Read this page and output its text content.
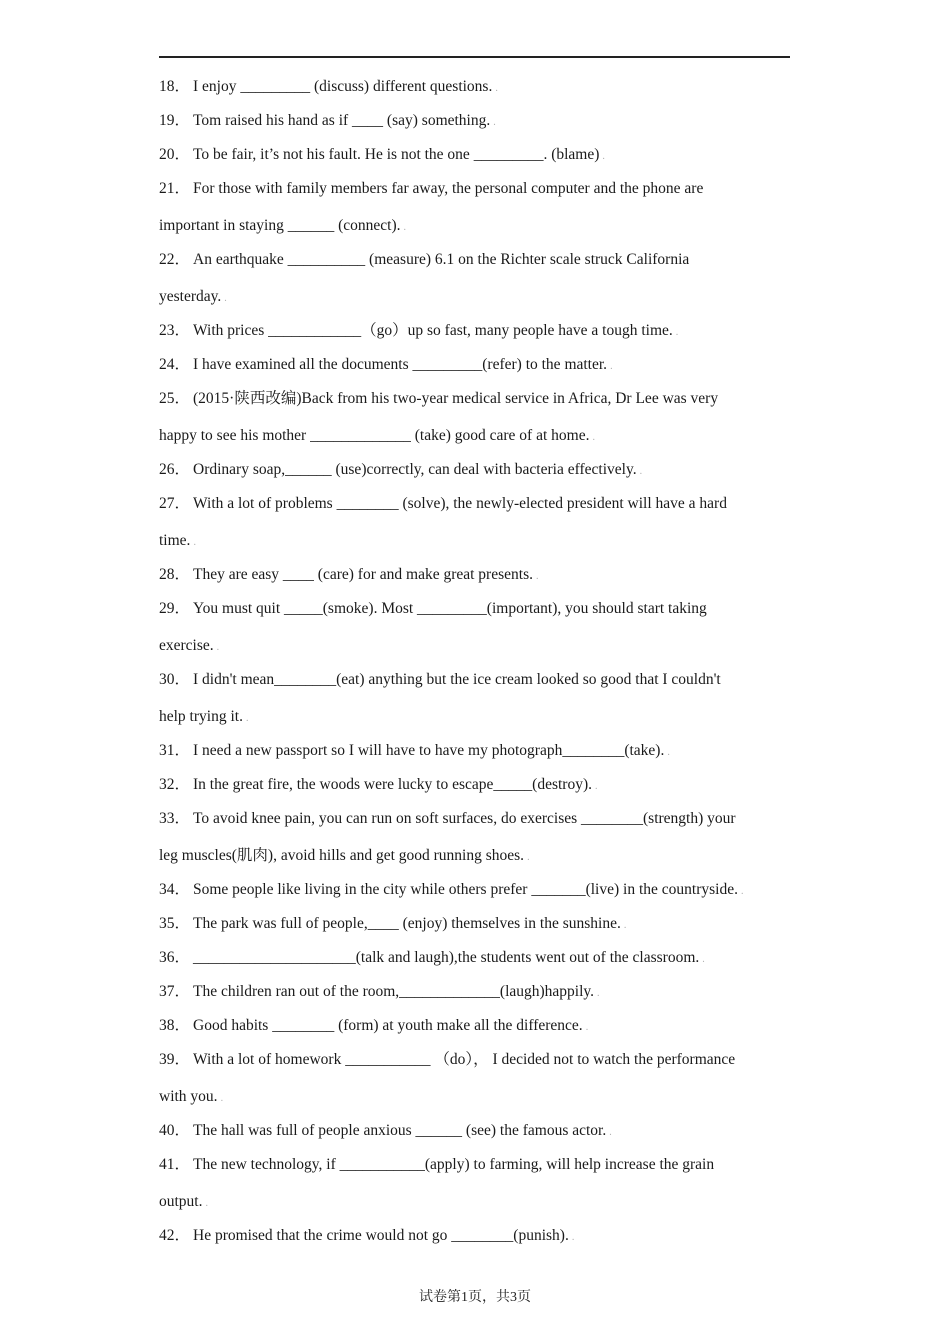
18． I enjoy _________ (discuss) different questions. .
19． Tom raised his hand as if ____ (say) something. .
20． To be fair, it’s not his fault. He is not the one _________. (blame) .
21． For those with family members far away, the personal computer and the phone are
important in staying ______ (connect). .
22． An earthquake __________ (measure) 6.1 on the Richter scale struck California
yesterday. .
23． With prices ____________（go）up so fast, many people have a tough time. .
24． I have examined all the documents _________(refer) to the matter. .
25． (2015·陕西改编)Back from his two-year medical service in Africa, Dr Lee was very
happy to see his mother _____________ (take) good care of at home. .
26． Ordinary soap,______ (use)correctly, can deal with bacteria effectively. .
27． With a lot of problems ________ (solve), the newly-elected president will have a hard
time. .
28． They are easy ____ (care) for and make great presents. .
29． You must quit _____(smoke). Most _________(important), you should start taking
exercise. .
30． I didn't mean________(eat) anything but the ice cream looked so good that I couldn't
help trying it. .
31． I need a new passport so I will have to have my photograph________(take). .
32． In the great fire, the woods were lucky to escape_____(destroy). .
33． To avoid knee pain, you can run on soft surfaces, do exercises ________(strength) your
leg muscles(肌肉), avoid hills and get good running shoes. .
34． Some people like living in the city while others prefer _______(live) in the countryside. .
35． The park was full of people,____ (enjoy) themselves in the sunshine. .
36． _____________________(talk and laugh),the students went out of the classroom. .
37． The children ran out of the room,_____________(laugh)happily. .
38． Good habits ________ (form) at youth make all the difference. .
39． With a lot of homework ___________ （do）， I decided not to watch the performance
with you. .
40． The hall was full of people anxious ______ (see) the famous actor. .
41． The new technology, if ___________(apply) to farming, will help increase the grain
output. .
42． He promised that the crime would not go ________(punish). .
试卷第1页，共3页
